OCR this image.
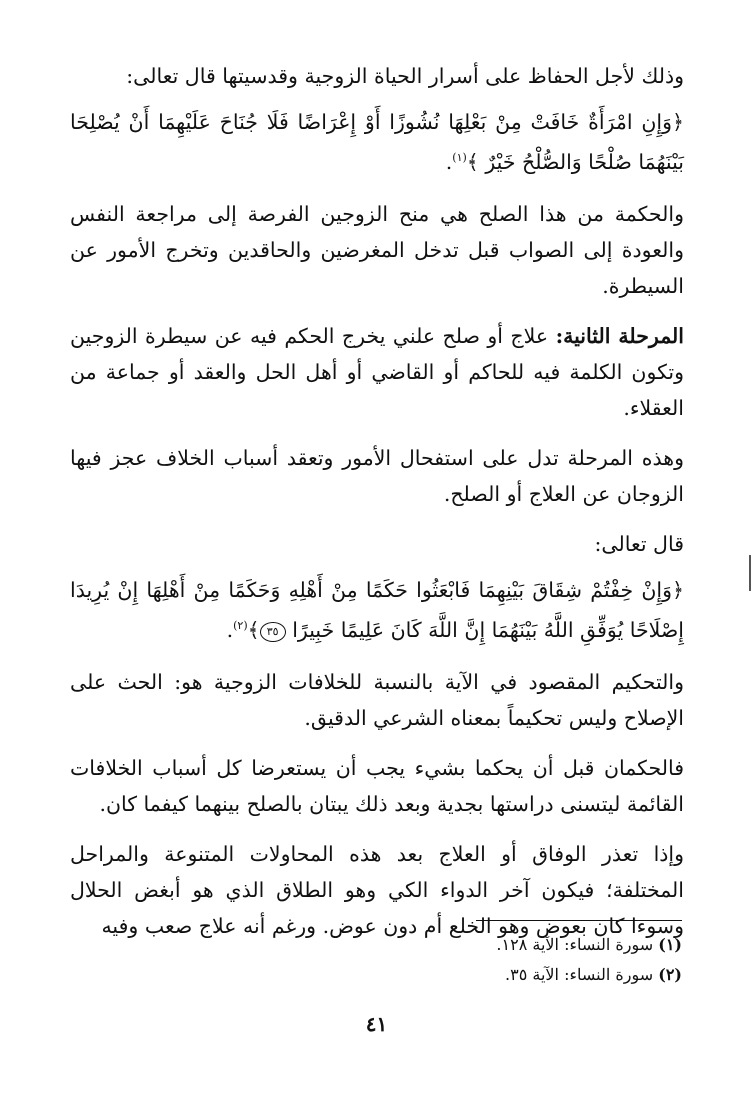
وذلك لأجل الحفاظ على أسرار الحياة الزوجية وقدسيتها قال تعالى:

﴿وَإِنِ امْرَأَةٌ خَافَتْ مِنْ بَعْلِهَا نُشُوزًا أَوْ إِعْرَاضًا فَلَا جُنَاحَ عَلَيْهِمَا أَنْ يُصْلِحَا بَيْنَهُمَا صُلْحًا وَالصُّلْحُ خَيْرٌ ﴾$^{(١)}$.

والحكمة من هذا الصلح هي منح الزوجين الفرصة إلى مراجعة النفس والعودة إلى الصواب قبل تدخل المغرضين والحاقدين وتخرج الأمور عن السيطرة.

المرحلة الثانية: علاج أو صلح علني يخرج الحكم فيه عن سيطرة الزوجين وتكون الكلمة فيه للحاكم أو القاضي أو أهل الحل والعقد أو جماعة من العقلاء.

وهذه المرحلة تدل على استفحال الأمور وتعقد أسباب الخلاف عجز فيها الزوجان عن العلاج أو الصلح.

قال تعالى:

﴿وَإِنْ خِفْتُمْ شِقَاقَ بَيْنِهِمَا فَابْعَثُوا حَكَمًا مِنْ أَهْلِهِ وَحَكَمًا مِنْ أَهْلِهَا إِنْ يُرِيدَا إِصْلَاحًا يُوَفِّقِ اللَّهُ بَيْنَهُمَا إِنَّ اللَّهَ كَانَ عَلِيمًا خَبِيرًا ٣٥﴾$^{(٢)}$.

والتحكيم المقصود في الآية بالنسبة للخلافات الزوجية هو: الحث على الإصلاح وليس تحكيماً بمعناه الشرعي الدقيق.

فالحكمان قبل أن يحكما بشيء يجب أن يستعرضا كل أسباب الخلافات القائمة ليتسنى دراستها بجدية وبعد ذلك يبتان بالصلح بينهما كيفما كان.

وإذا تعذر الوفاق أو العلاج بعد هذه المحاولات المتنوعة والمراحل المختلفة؛ فيكون آخر الدواء الكي وهو الطلاق الذي هو أبغض الحلال وسوءا كان بعوض وهو الخلع أم دون عوض. ورغم أنه علاج صعب وفيه

(١) سورة النساء: الآية ١٢٨.
(٢) سورة النساء: الآية ٣٥.
٤١
